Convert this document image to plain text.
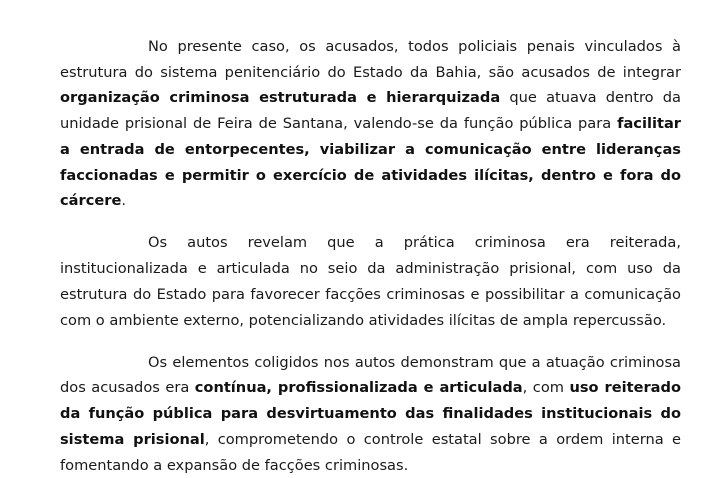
No presente caso, os acusados, todos policiais penais vinculados à estrutura do sistema penitenciário do Estado da Bahia, são acusados de integrar organização criminosa estruturada e hierarquizada que atuava dentro da unidade prisional de Feira de Santana, valendo-se da função pública para facilitar a entrada de entorpecentes, viabilizar a comunicação entre lideranças faccionadas e permitir o exercício de atividades ilícitas, dentro e fora do cárcere.

Os autos revelam que a prática criminosa era reiterada, institucionalizada e articulada no seio da administração prisional, com uso da estrutura do Estado para favorecer facções criminosas e possibilitar a comunicação com o ambiente externo, potencializando atividades ilícitas de ampla repercussão.

Os elementos coligidos nos autos demonstram que a atuação criminosa dos acusados era contínua, profissionalizada e articulada, com uso reiterado da função pública para desvirtuamento das finalidades institucionais do sistema prisional, comprometendo o controle estatal sobre a ordem interna e fomentando a expansão de facções criminosas.
